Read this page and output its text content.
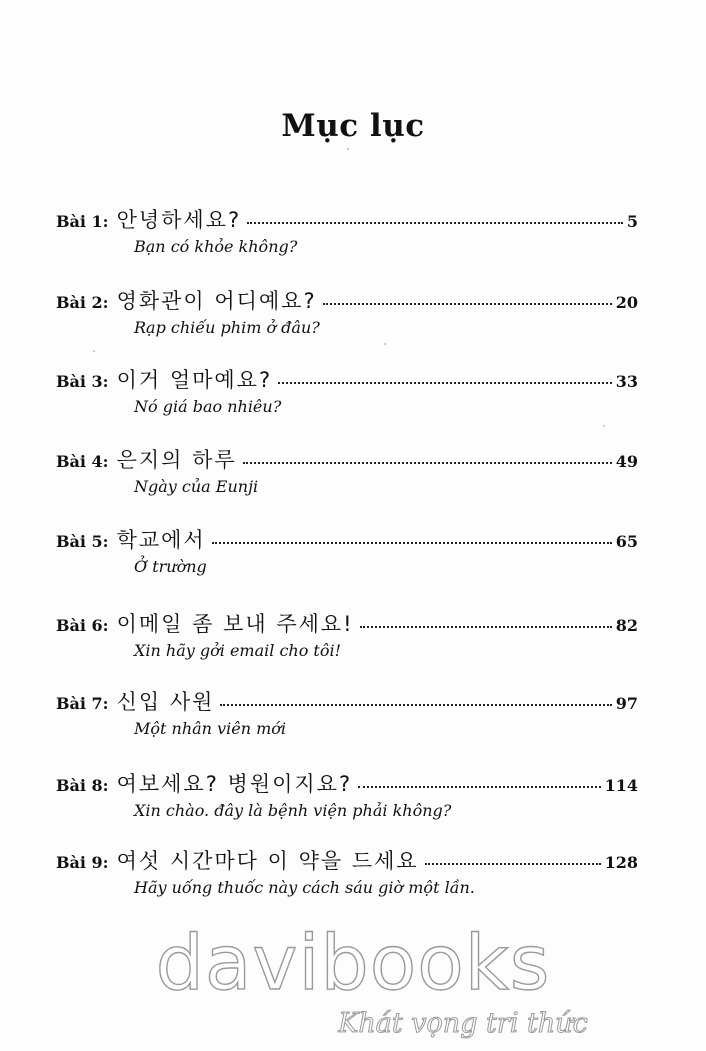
Mục lục
Bài 1: 안녕하세요?	5
Bạn có khỏe không?
Bài 2: 영화관이 어디예요?	20
Rạp chiếu phim ở đâu?
Bài 3: 이거 얼마예요?	33
Nó giá bao nhiêu?
Bài 4: 은지의 하루	49
Ngày của Eunji
Bài 5: 학교에서	65
Ở trường
Bài 6: 이메일 좀 보내 주세요!	82
Xin hãy gởi email cho tôi!
Bài 7: 신입 사원	97
Một nhân viên mới
Bài 8: 여보세요? 병원이지요?	114
Xin chào. đây là bệnh viện phải không?
Bài 9: 여섯 시간마다 이 약을 드세요	128
Hãy uống thuốc này cách sáu giờ một lần.
davibooks
Khát vọng tri thức
